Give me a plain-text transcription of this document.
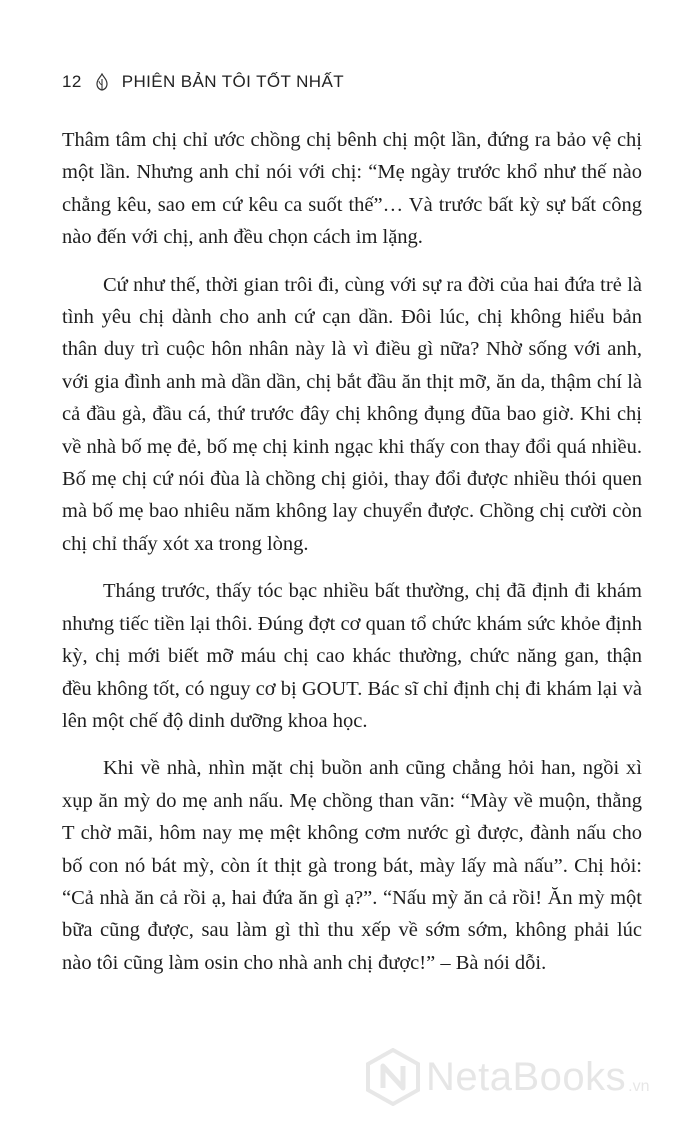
12 PHIÊN BẢN TÔI TỐT NHẤT

Thâm tâm chị chỉ ước chồng chị bênh chị một lần, đứng ra bảo vệ chị một lần. Nhưng anh chỉ nói với chị: “Mẹ ngày trước khổ như thế nào chẳng kêu, sao em cứ kêu ca suốt thế”… Và trước bất kỳ sự bất công nào đến với chị, anh đều chọn cách im lặng.

Cứ như thế, thời gian trôi đi, cùng với sự ra đời của hai đứa trẻ là tình yêu chị dành cho anh cứ cạn dần. Đôi lúc, chị không hiểu bản thân duy trì cuộc hôn nhân này là vì điều gì nữa? Nhờ sống với anh, với gia đình anh mà dần dần, chị bắt đầu ăn thịt mỡ, ăn da, thậm chí là cả đầu gà, đầu cá, thứ trước đây chị không đụng đũa bao giờ. Khi chị về nhà bố mẹ đẻ, bố mẹ chị kinh ngạc khi thấy con thay đổi quá nhiều. Bố mẹ chị cứ nói đùa là chồng chị giỏi, thay đổi được nhiều thói quen mà bố mẹ bao nhiêu năm không lay chuyển được. Chồng chị cười còn chị chỉ thấy xót xa trong lòng.

Tháng trước, thấy tóc bạc nhiều bất thường, chị đã định đi khám nhưng tiếc tiền lại thôi. Đúng đợt cơ quan tổ chức khám sức khỏe định kỳ, chị mới biết mỡ máu chị cao khác thường, chức năng gan, thận đều không tốt, có nguy cơ bị GOUT. Bác sĩ chỉ định chị đi khám lại và lên một chế độ dinh dưỡng khoa học.

Khi về nhà, nhìn mặt chị buồn anh cũng chẳng hỏi han, ngồi xì xụp ăn mỳ do mẹ anh nấu. Mẹ chồng than vãn: “Mày về muộn, thằng T chờ mãi, hôm nay mẹ mệt không cơm nước gì được, đành nấu cho bố con nó bát mỳ, còn ít thịt gà trong bát, mày lấy mà nấu”. Chị hỏi: “Cả nhà ăn cả rồi ạ, hai đứa ăn gì ạ?”. “Nấu mỳ ăn cả rồi! Ăn mỳ một bữa cũng được, sau làm gì thì thu xếp về sớm sớm, không phải lúc nào tôi cũng làm osin cho nhà anh chị được!” – Bà nói dỗi.

NetaBooks .vn
